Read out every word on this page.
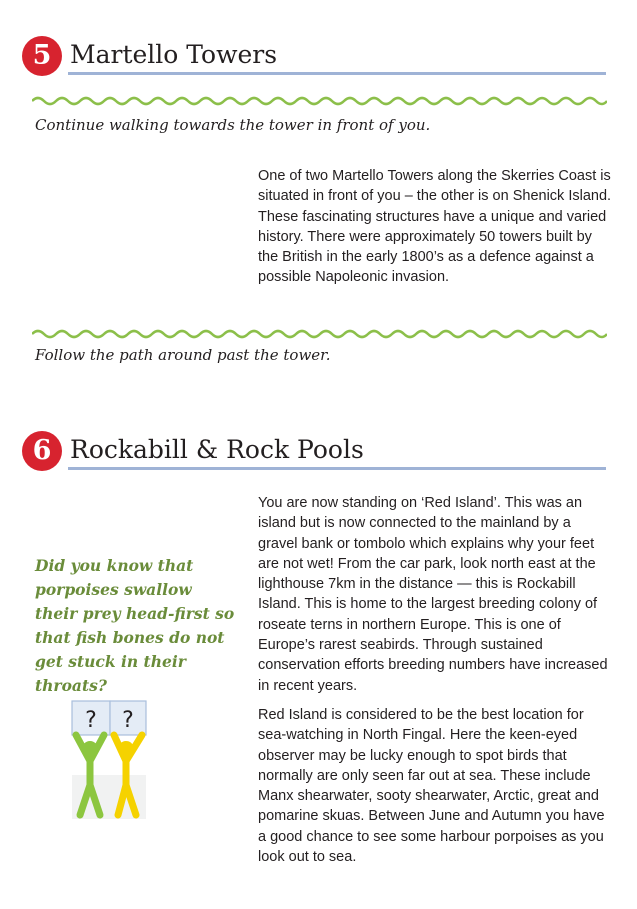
5 Martello Towers
Continue walking towards the tower in front of you.

One of two Martello Towers along the Skerries Coast is situated in front of you – the other is on Shenick Island. These fascinating structures have a unique and varied history. There were approximately 50 towers built by the British in the early 1800’s as a defence against a possible Napoleonic invasion.

Follow the path around past the tower.
6 Rockabill & Rock Pools

You are now standing on ‘Red Island’. This was an island but is now connected to the mainland by a gravel bank or tombolo which explains why your feet are not wet! From the car park, look north east at the lighthouse 7km in the distance — this is Rockabill Island. This is home to the largest breeding colony of roseate terns in northern Europe. This is one of Europe’s rarest seabirds. Through sustained conservation efforts breeding numbers have increased in recent years.

Red Island is considered to be the best location for sea-watching in North Fingal. Here the keen-eyed observer may be lucky enough to spot birds that normally are only seen far out at sea. These include Manx shearwater, sooty shearwater, Arctic, great and pomarine skuas. Between June and Autumn you have a good chance to see some harbour porpoises as you look out to sea.

Did you know that porpoises swallow their prey head-first so that fish bones do not get stuck in their throats?

? ?
